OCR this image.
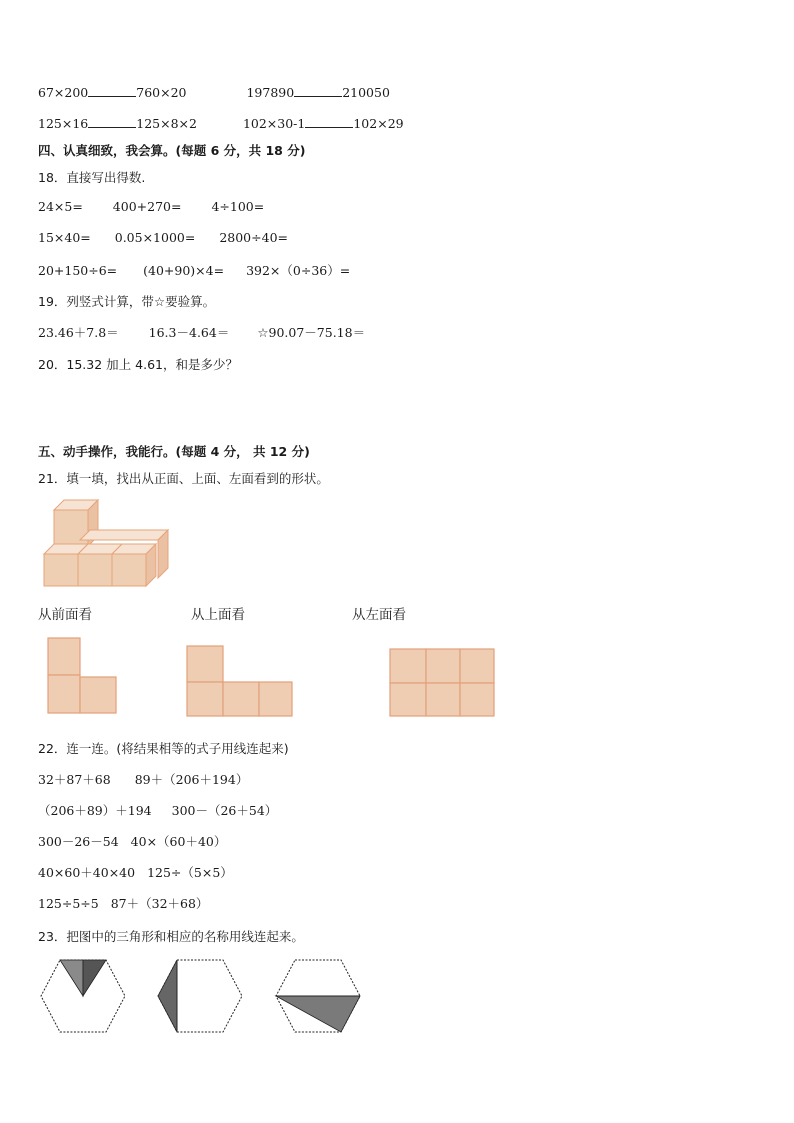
67×200	760×20	197890	210050
125×16	125×8×2	102×30-1	102×29
四、认真细致，我会算。(每题 6 分，共 18 分)
18．直接写出得数.
24×5= 400+270= 4÷100=
15×40= 0.05×1000= 2800÷40=
20+150÷6= (40+90)×4= 392×（0÷36）=
19．列竖式计算，带☆要验算。
23.46＋7.8＝ 16.3－4.64＝ ☆90.07－75.18＝
20．15.32 加上 4.61，和是多少？
五、动手操作，我能行。(每题 4 分， 共 12 分)
21．填一填，找出从正面、上面、左面看到的形状。
从前面看	从上面看	从左面看
22．连一连。(将结果相等的式子用线连起来)
32＋87＋68 89＋（206＋194）
（206＋89）＋194 300－（26＋54）
300－26－54 40×（60＋40）
40×60＋40×40 125÷（5×5）
125÷5÷5 87＋（32＋68）
23．把图中的三角形和相应的名称用线连起来。
